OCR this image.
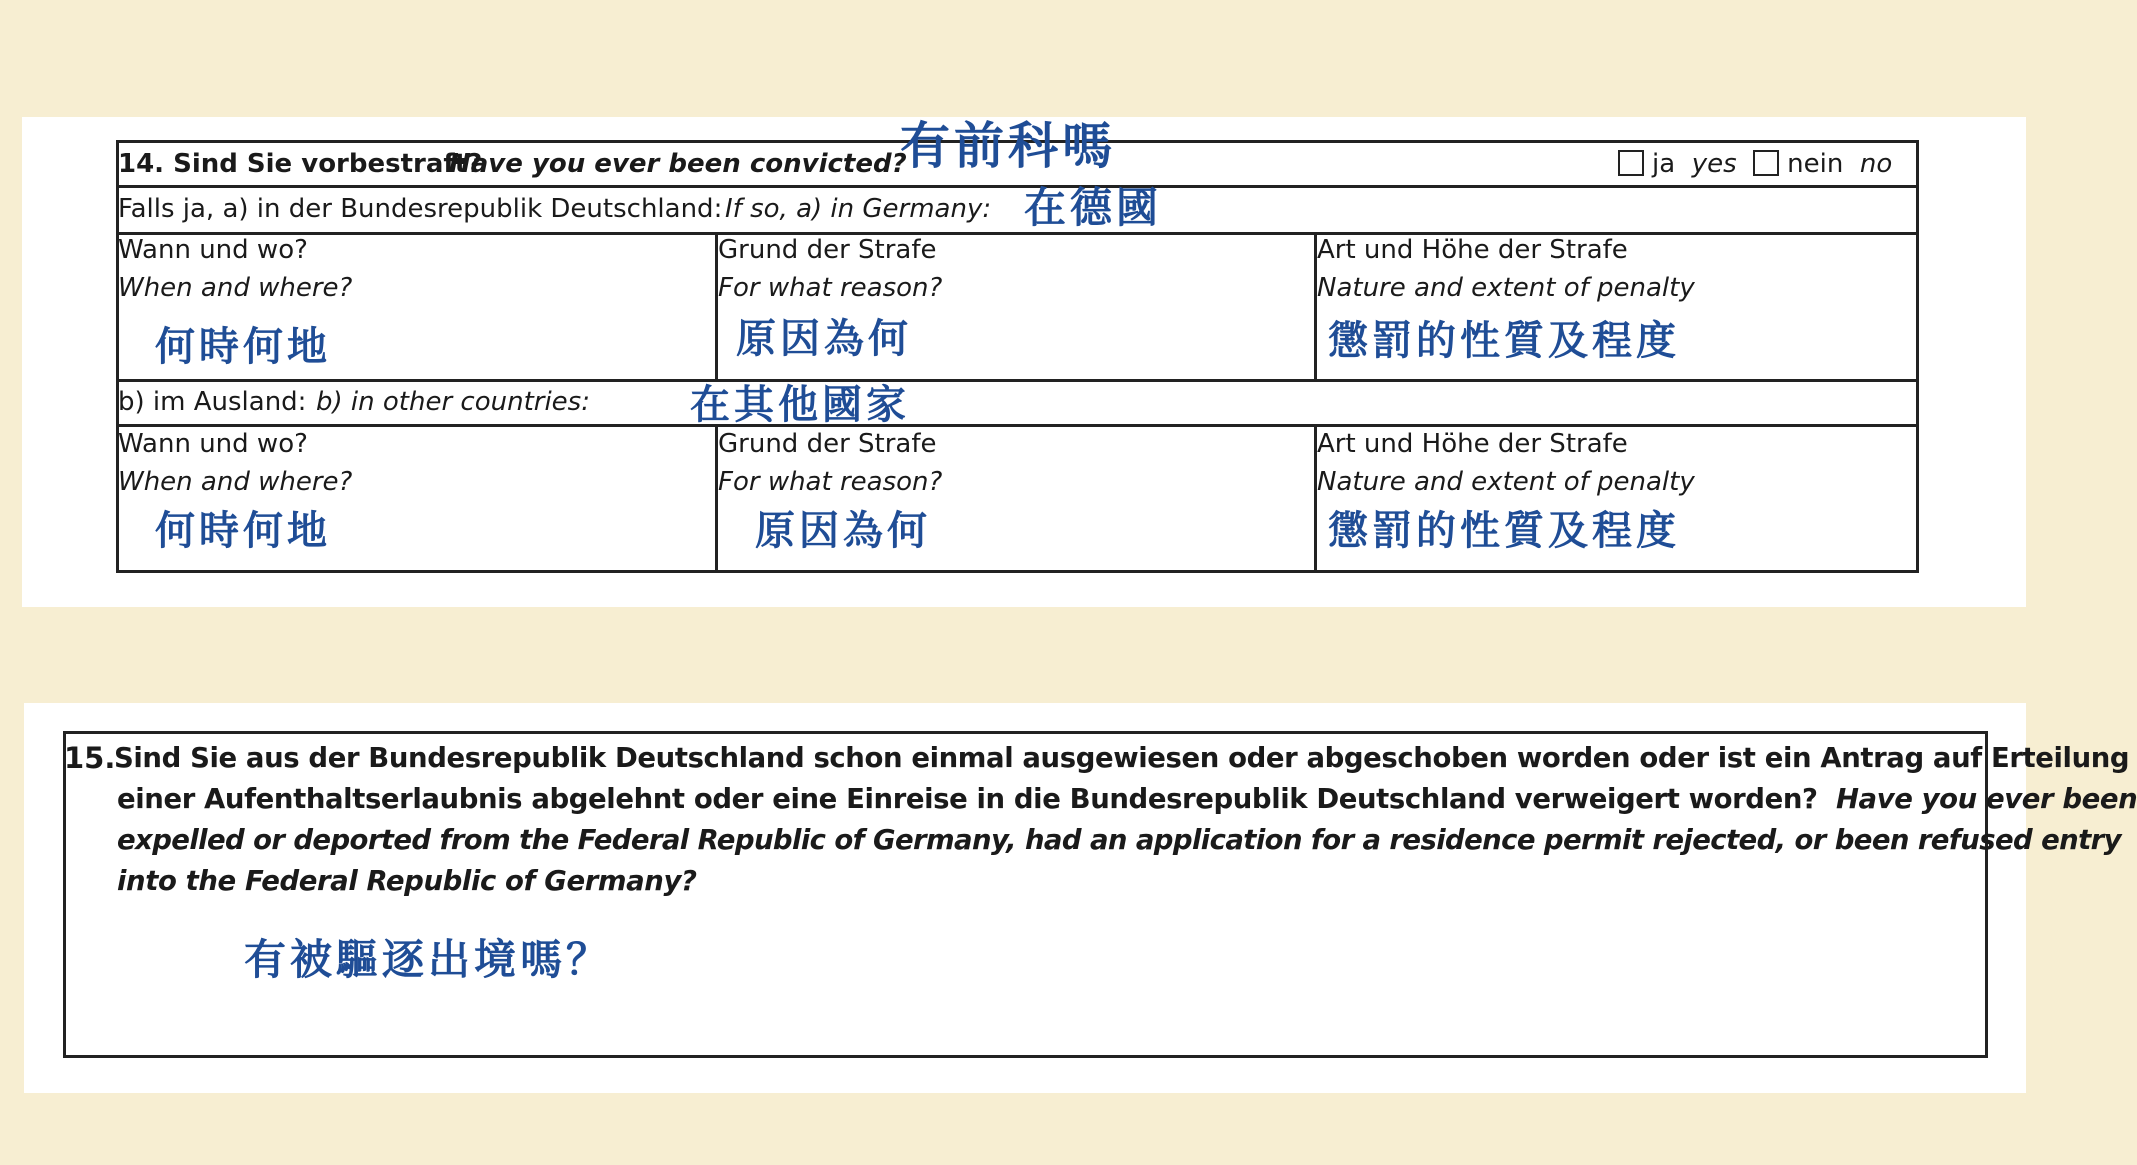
14. Sind Sie vorbestraft?
Have you ever been convicted?
有前科嗎	ja yes nein no
Falls ja, a) in der Bundesrepublik Deutschland: If so, a) in Germany: 在德國
Wann und wo?
When and where?
何時何地
Grund der Strafe
For what reason?
原因為何
Art und Höhe der Strafe
Nature and extent of penalty
懲罰的性質及程度
b) im Ausland: b) in other countries:	在其他國家
Wann und wo?
When and where?
何時何地
Grund der Strafe
For what reason?
原因為何
Art und Höhe der Strafe
Nature and extent of penalty
懲罰的性質及程度
15.
Sind Sie aus der Bundesrepublik Deutschland schon einmal ausgewiesen oder abgeschoben worden oder ist ein Antrag auf Erteilung
einer Aufenthaltserlaubnis abgelehnt oder eine Einreise in die Bundesrepublik Deutschland verweigert worden? Have you ever been
expelled or deported from the Federal Republic of Germany, had an application for a residence permit rejected, or been refused entry
into the Federal Republic of Germany?
有被驅逐出境嗎？
